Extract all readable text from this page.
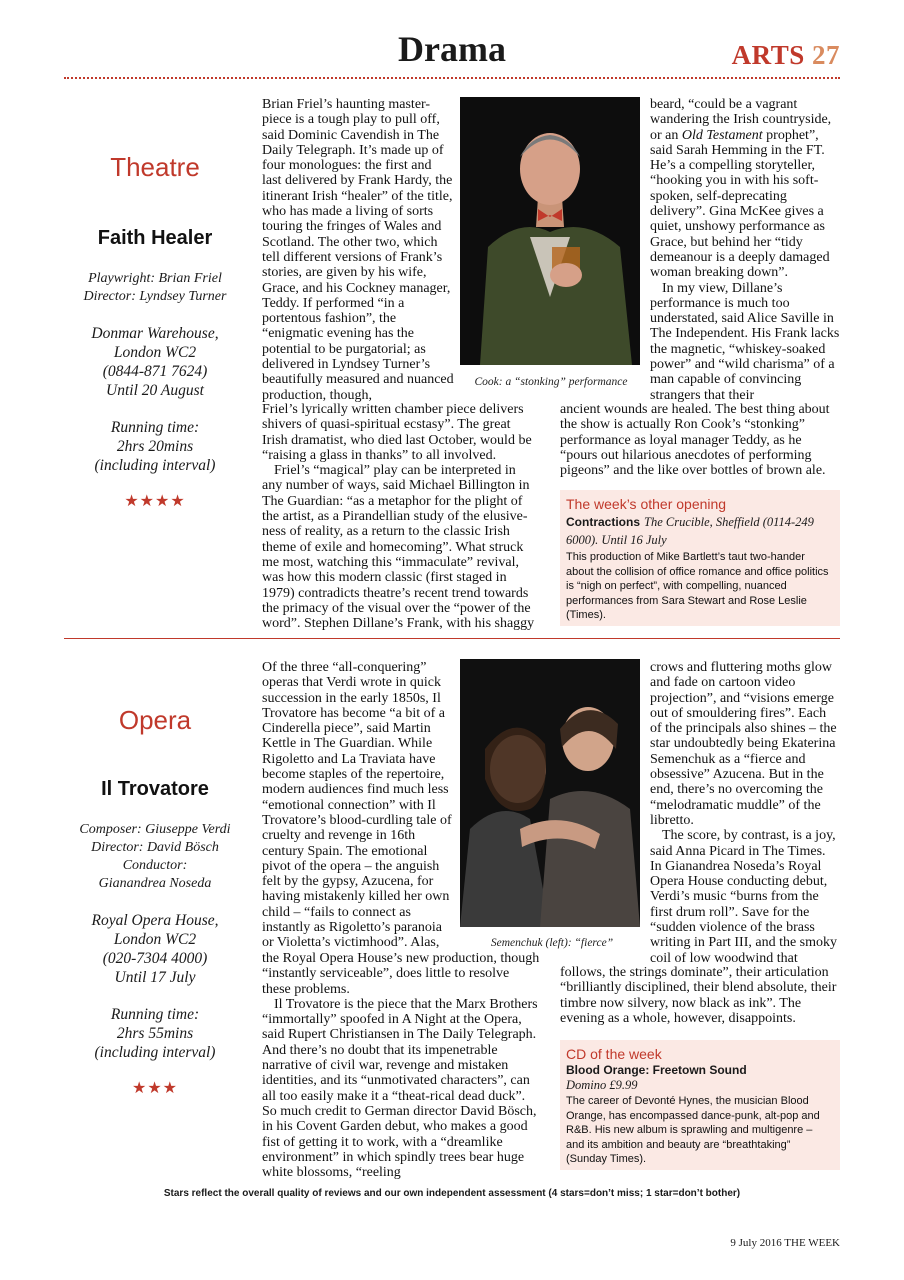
Drama	ARTS 27
Theatre
Faith Healer
Playwright: Brian Friel
Director: Lyndsey Turner
Donmar Warehouse,
London WC2
(0844-871 7624)
Until 20 August
Running time:
2hrs 20mins
(including interval)
★★★★

Brian Friel’s haunting master-piece is a tough play to pull off, said Dominic Cavendish in The Daily Telegraph. It’s made up of four monologues: the first and last delivered by Frank Hardy, the itinerant Irish “healer” of the title, who has made a living of sorts touring the fringes of Wales and Scotland. The other two, which tell different versions of Frank’s stories, are given by his wife, Grace, and his Cockney manager, Teddy. If performed “in a portentous fashion”, the “enigmatic evening has the potential to be purgatorial; as delivered in Lyndsey Turner’s beautifully measured and nuanced production, though,

Cook: a “stonking” performance

Friel’s lyrically written chamber piece delivers shivers of quasi-spiritual ecstasy”. The great Irish dramatist, who died last October, would be “raising a glass in thanks” to all involved.

Friel’s “magical” play can be interpreted in any number of ways, said Michael Billington in The Guardian: “as a metaphor for the plight of the artist, as a Pirandellian study of the elusive-ness of reality, as a return to the classic Irish theme of exile and homecoming”. What struck me most, watching this “immaculate” revival, was how this modern classic (first staged in 1979) contradicts theatre’s recent trend towards the primacy of the visual over the “power of the word”. Stephen Dillane’s Frank, with his shaggy

beard, “could be a vagrant wandering the Irish countryside, or an Old Testament prophet”, said Sarah Hemming in the FT. He’s a compelling storyteller, “hooking you in with his soft-spoken, self-deprecating delivery”. Gina McKee gives a quiet, unshowy performance as Grace, but behind her “tidy demeanour is a deeply damaged woman breaking down”.

In my view, Dillane’s performance is much too understated, said Alice Saville in The Independent. His Frank lacks the magnetic, “whiskey-soaked power” and “wild charisma” of a man capable of convincing strangers that their

ancient wounds are healed. The best thing about the show is actually Ron Cook’s “stonking” performance as loyal manager Teddy, as he “pours out hilarious anecdotes of performing pigeons” and the like over bottles of brown ale.

The week’s other opening
Contractions The Crucible, Sheffield (0114-249 6000). Until 16 July
This production of Mike Bartlett’s taut two-hander about the collision of office romance and office politics is “nigh on perfect”, with compelling, nuanced performances from Sara Stewart and Rose Leslie (Times).
Opera
Il Trovatore
Composer: Giuseppe Verdi
Director: David Bösch
Conductor:
Gianandrea Noseda
Royal Opera House,
London WC2
(020-7304 4000)
Until 17 July
Running time:
2hrs 55mins
(including interval)
★★★

Of the three “all-conquering” operas that Verdi wrote in quick succession in the early 1850s, Il Trovatore has become “a bit of a Cinderella piece”, said Martin Kettle in The Guardian. While Rigoletto and La Traviata have become staples of the repertoire, modern audiences find much less “emotional connection” with Il Trovatore’s blood-curdling tale of cruelty and revenge in 16th century Spain. The emotional pivot of the opera – the anguish felt by the gypsy, Azucena, for having mistakenly killed her own child – “fails to connect as instantly as Rigoletto’s paranoia or Violetta’s victimhood”. Alas,	Semenchuk (left): “fierce”

the Royal Opera House’s new production, though “instantly serviceable”, does little to resolve these problems.

Il Trovatore is the piece that the Marx Brothers “immortally” spoofed in A Night at the Opera, said Rupert Christiansen in The Daily Telegraph. And there’s no doubt that its impenetrable narrative of civil war, revenge and mistaken identities, and its “unmotivated characters”, can all too easily make it a “theat-rical dead duck”. So much credit to German director David Bösch, in his Covent Garden debut, who makes a good fist of getting it to work, with a “dreamlike environment” in which spindly trees bear huge white blossoms, “reeling

crows and fluttering moths glow and fade on cartoon video projection”, and “visions emerge out of smouldering fires”. Each of the principals also shines – the star undoubtedly being Ekaterina Semenchuk as a “fierce and obsessive” Azucena. But in the end, there’s no overcoming the “melodramatic muddle” of the libretto.

The score, by contrast, is a joy, said Anna Picard in The Times. In Gianandrea Noseda’s Royal Opera House conducting debut, Verdi’s music “burns from the first drum roll”. Save for the “sudden violence of the brass writing in Part III, and the smoky coil of low woodwind that

follows, the strings dominate”, their articulation “brilliantly disciplined, their blend absolute, their timbre now silvery, now black as ink”. The evening as a whole, however, disappoints.

CD of the week
Blood Orange: Freetown Sound
Domino £9.99
The career of Devonté Hynes, the musician Blood Orange, has encompassed dance-punk, alt-pop and R&B. His new album is sprawling and multigenre – and its ambition and beauty are “breathtaking” (Sunday Times).
Stars reflect the overall quality of reviews and our own independent assessment (4 stars=don’t miss; 1 star=don’t bother)
9 July 2016 THE WEEK
